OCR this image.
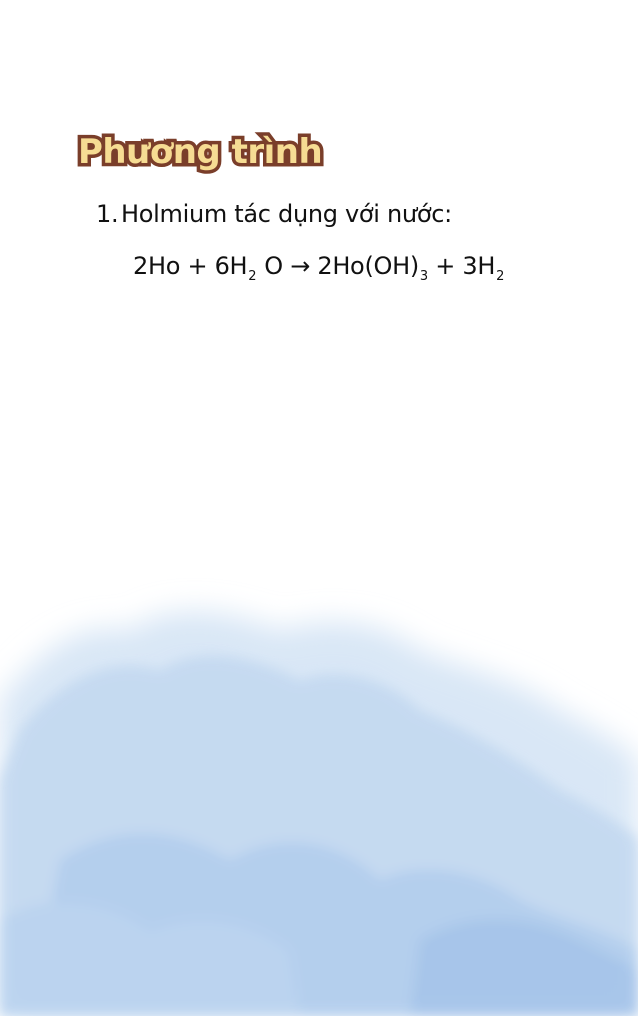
Phương trình
1. Holmium tác dụng với nước:
$2Ho + 6H_2$ $O \to 2Ho(OH)_3 + 3H_2$
